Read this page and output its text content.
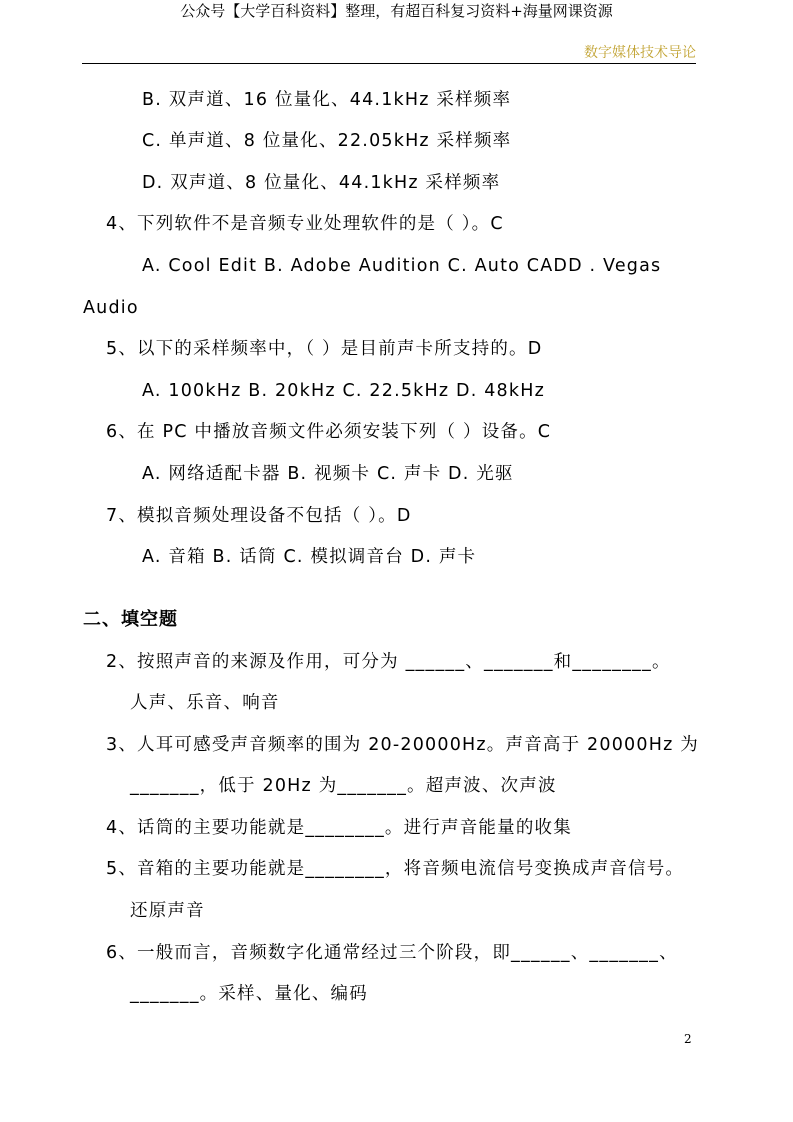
公众号【大学百科资料】整理，有超百科复习资料+海量网课资源
数字媒体技术导论
B. 双声道、16 位量化、44.1kHz 采样频率
C. 单声道、8 位量化、22.05kHz 采样频率
D. 双声道、8 位量化、44.1kHz 采样频率
4、下列软件不是音频专业处理软件的是（ ）。C
A. Cool Edit B. Adobe Audition C. Auto CADD . Vegas
Audio
5、以下的采样频率中，（ ）是目前声卡所支持的。D
A. 100kHz B. 20kHz C. 22.5kHz D. 48kHz
6、在 PC 中播放音频文件必须安装下列（ ）设备。C
A. 网络适配卡器 B. 视频卡 C. 声卡 D. 光驱
7、模拟音频处理设备不包括（ ）。D
A. 音箱 B. 话筒 C. 模拟调音台 D. 声卡
二、填空题
2、按照声音的来源及作用，可分为 ______、_______和________。
人声、乐音、响音
3、人耳可感受声音频率的围为 20-20000Hz。声音高于 20000Hz 为
_______，低于 20Hz 为_______。超声波、次声波
4、话筒的主要功能就是________。进行声音能量的收集
5、音箱的主要功能就是________，将音频电流信号变换成声音信号。
还原声音
6、一般而言，音频数字化通常经过三个阶段，即______、_______、
_______。采样、量化、编码
2
